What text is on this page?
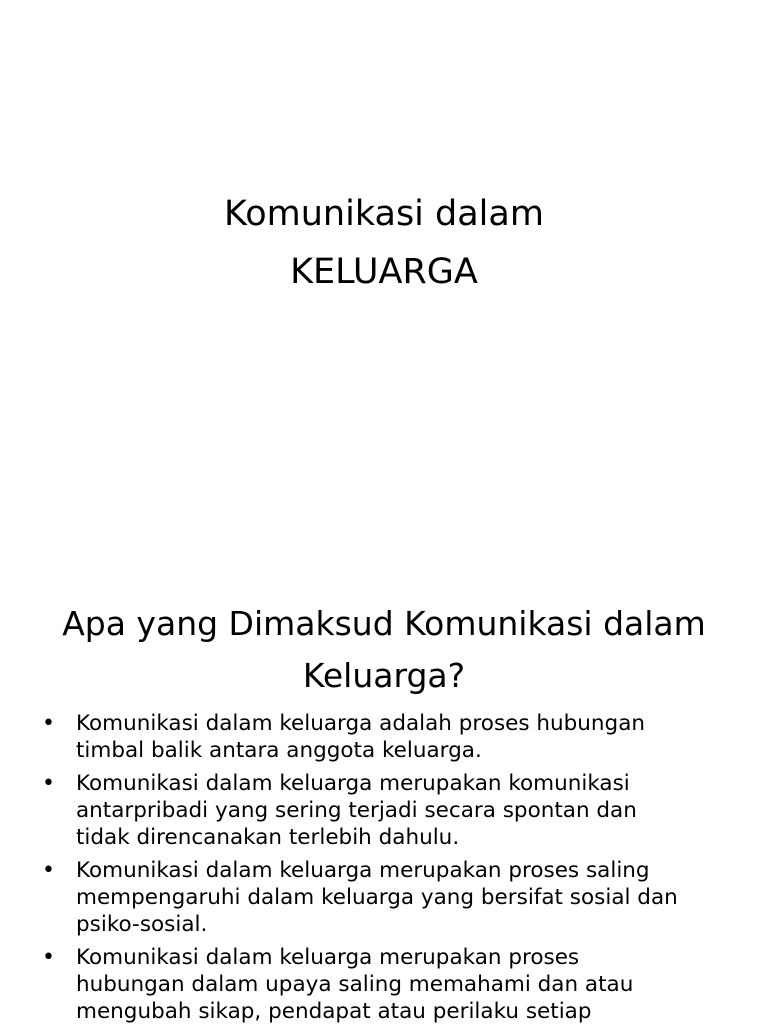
Komunikasi dalam
KELUARGA
Apa yang Dimaksud Komunikasi dalam
Keluarga?
• Komunikasi dalam keluarga adalah proses hubungan
timbal balik antara anggota keluarga.
• Komunikasi dalam keluarga merupakan komunikasi
antarpribadi yang sering terjadi secara spontan dan
tidak direncanakan terlebih dahulu.
• Komunikasi dalam keluarga merupakan proses saling
mempengaruhi dalam keluarga yang bersifat sosial dan
psiko-sosial.
• Komunikasi dalam keluarga merupakan proses
hubungan dalam upaya saling memahami dan atau
mengubah sikap, pendapat atau perilaku setiap
